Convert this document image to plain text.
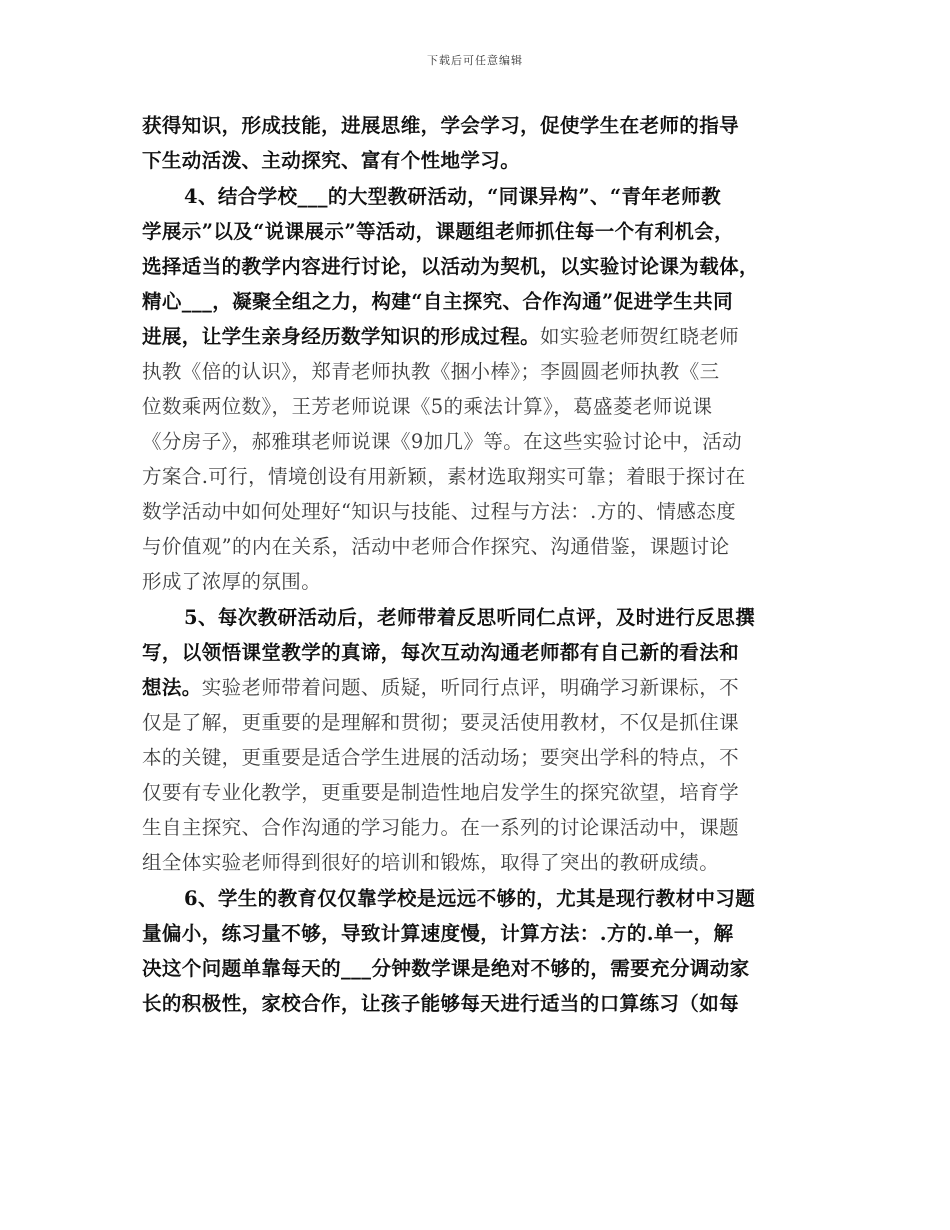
下载后可任意编辑
获得知识，形成技能，进展思维，学会学习，促使学生在老师的指导
下生动活泼、主动探究、富有个性地学习。
4、结合学校___的大型教研活动，“同课异构”、“青年老师教
学展示”以及“说课展示”等活动，课题组老师抓住每一个有利机会，
选择适当的教学内容进行讨论，以活动为契机，以实验讨论课为载体，
精心___，凝聚全组之力，构建“自主探究、合作沟通”促进学生共同
进展，让学生亲身经历数学知识的形成过程。如实验老师贺红晓老师
执教《倍的认识》，郑青老师执教《捆小棒》；李圆圆老师执教《三
位数乘两位数》，王芳老师说课《5的乘法计算》，葛盛菱老师说课
《分房子》，郝雅琪老师说课《9加几》等。在这些实验讨论中，活动
方案合.可行，情境创设有用新颖，素材选取翔实可靠；着眼于探讨在
数学活动中如何处理好“知识与技能、过程与方法：.方的、情感态度
与价值观”的内在关系，活动中老师合作探究、沟通借鉴，课题讨论
形成了浓厚的氛围。
5、每次教研活动后，老师带着反思听同仁点评，及时进行反思撰
写，以领悟课堂教学的真谛，每次互动沟通老师都有自己新的看法和
想法。实验老师带着问题、质疑，听同行点评，明确学习新课标，不
仅是了解，更重要的是理解和贯彻；要灵活使用教材，不仅是抓住课
本的关键，更重要是适合学生进展的活动场；要突出学科的特点，不
仅要有专业化教学，更重要是制造性地启发学生的探究欲望，培育学
生自主探究、合作沟通的学习能力。在一系列的讨论课活动中，课题
组全体实验老师得到很好的培训和锻炼，取得了突出的教研成绩。
6、学生的教育仅仅靠学校是远远不够的，尤其是现行教材中习题
量偏小，练习量不够，导致计算速度慢，计算方法：.方的.单一，解
决这个问题单靠每天的___分钟数学课是绝对不够的，需要充分调动家
长的积极性，家校合作，让孩子能够每天进行适当的口算练习（如每
